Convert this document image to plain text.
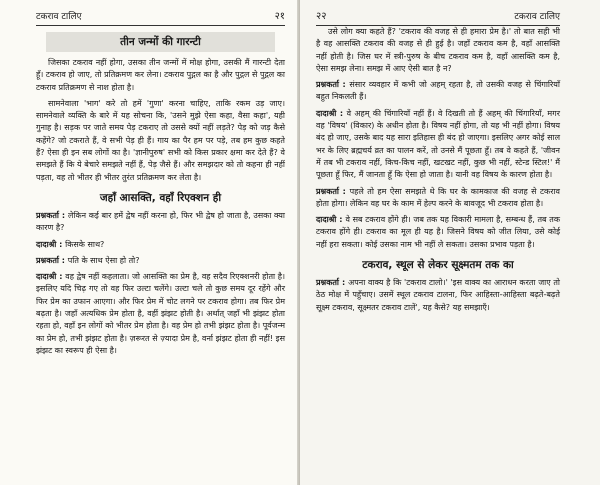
टकराव टालिए	२१
तीन जन्मों की गारन्टी

जिसका टकराव नहीं होगा, उसका तीन जन्मों में मोक्ष होगा, उसकी मैं गारन्टी देता हूँ। टकराव हो जाए, तो प्रतिक्रमण कर लेना। टकराव पुद्गल का है और पुद्गल से पुद्गल का टकराव प्रतिक्रमण से नाश होता है।

सामनेवाला 'भाग' करे तो हमें 'गुणा' करना चाहिए, ताकि रकम उड़ जाए। सामनेवाले व्यक्ति के बारे में यह सोचना कि, 'उसने मुझे ऐसा कहा, वैसा कहा', यही गुनाह है। सड़क पर जाते समय पेड़ टकराए तो उससे क्यों नहीं लड़ते? पेड़ को जड़ कैसे कहेंगे? जो टकराते हैं, वे सभी पेड़ ही हैं। गाय का पैर हम पर पड़े, तब हम कुछ कहते हैं? ऐसा ही इन सब लोगों का है। 'ज्ञानीपुरुष' सभी को किस प्रकार क्षमा कर देते हैं? वे समझते हैं कि ये बेचारे समझते नहीं हैं, पेड़ जैसे हैं। और समझदार को तो कहना ही नहीं पड़ता, वह तो भीतर ही भीतर तुरंत प्रतिक्रमण कर लेता है।

जहाँ आसक्ति, वहाँ रिएक्शन ही

प्रश्नकर्ता : लेकिन कई बार हमें द्वेष नहीं करना हो, फिर भी द्वेष हो जाता है, उसका क्या कारण है?

दादाश्री : किसके साथ?

प्रश्नकर्ता : पति के साथ ऐसा हो तो?

दादाश्री : वह द्वेष नहीं कहलाता। जो आसक्ति का प्रेम है, वह सदैव रिएक्शनरी होता है। इसलिए यदि चिढ़ गए तो वह फिर उल्टा चलेंगे। उल्टा चले तो कुछ समय दूर रहेंगे और फिर प्रेम का उफान आएगा। और फिर प्रेम में चोट लगने पर टकराव होगा। तब फिर प्रेम बढ़ता है। जहाँ अत्यधिक प्रेम होता है, वहीं झंझट होती है। अर्थात् जहाँ भी झंझट होता रहता हो, वहाँ इन लोगों को भीतर प्रेम होता है। वह प्रेम हो तभी झंझट होता है। पूर्वजन्म का प्रेम हो, तभी झंझट होता है। ज़रूरत से ज़्यादा प्रेम है, वर्ना झंझट होता ही नहीं! इस झंझट का स्वरूप ही ऐसा है।

२२	टकराव टालिए

उसे लोग क्या कहते हैं? 'टकराव की वजह से ही हमारा प्रेम है।' तो बात सही भी है वह आसक्ति टकराव की वजह से ही हुई है। जहाँ टकराव कम है, वहाँ आसक्ति नहीं होती है। जिस घर में स्त्री-पुरुष के बीच टकराव कम है, वहाँ आसक्ति कम है, ऐसा समझ लेना। समझ में आए ऐसी बात है न?

प्रश्नकर्ता : संसार व्यवहार में कभी जो अहम् रहता है, तो उसकी वजह से चिंगारियाँ बहुत निकलती हैं।

दादाश्री : वे अहम् की चिंगारियाँ नहीं हैं। वे दिखती तो हैं अहम् की चिंगारियाँ, मगर वह 'विषय' (विकार) के अधीन होता है। विषय नहीं होगा, तो यह भी नहीं होगा। विषय बंद हो जाए, उसके बाद यह सारा इतिहास ही बंद हो जाएगा। इसलिए अगर कोई साल भर के लिए ब्रह्मचर्य व्रत का पालन करें, तो उनसे मैं पूछता हूँ। तब वे कहते हैं, 'जीवन में तब भी टकराव नहीं, किच-किच नहीं, खटखट नहीं, कुछ भी नहीं, स्टेन्ड स्टिल!' मैं पूछता हूँ फिर, मैं जानता हूँ कि ऐसा हो जाता है। यानी वह विषय के कारण होता है।

प्रश्नकर्ता : पहले तो हम ऐसा समझते थे कि घर के कामकाज की वजह से टकराव होता होगा। लेकिन वह घर के काम में हेल्प करने के बावजूद भी टकराव होता है।

दादाश्री : वे सब टकराव होंगे ही। जब तक यह विकारी मामला है, सम्बन्ध हैं, तब तक टकराव होंगे ही। टकराव का मूल ही यह है। जिसने विषय को जीत लिया, उसे कोई नहीं हरा सकता। कोई उसका नाम भी नहीं ले सकता। उसका प्रभाव पड़ता है।

टकराव, स्थूल से लेकर सूक्ष्मतम तक का

प्रश्नकर्ता : अपना वाक्य है कि 'टकराव टालो।' 'इस वाक्य का आराधन करता जाए तो ठेठ मोक्ष में पहुँचाए। उसमें स्थूल टकराव टालना, फिर आहिस्ता-आहिस्ता बढ़ते-बढ़ते सूक्ष्म टकराव, सूक्ष्मतर टकराव टालें', यह कैसे? यह समझाएँ।
